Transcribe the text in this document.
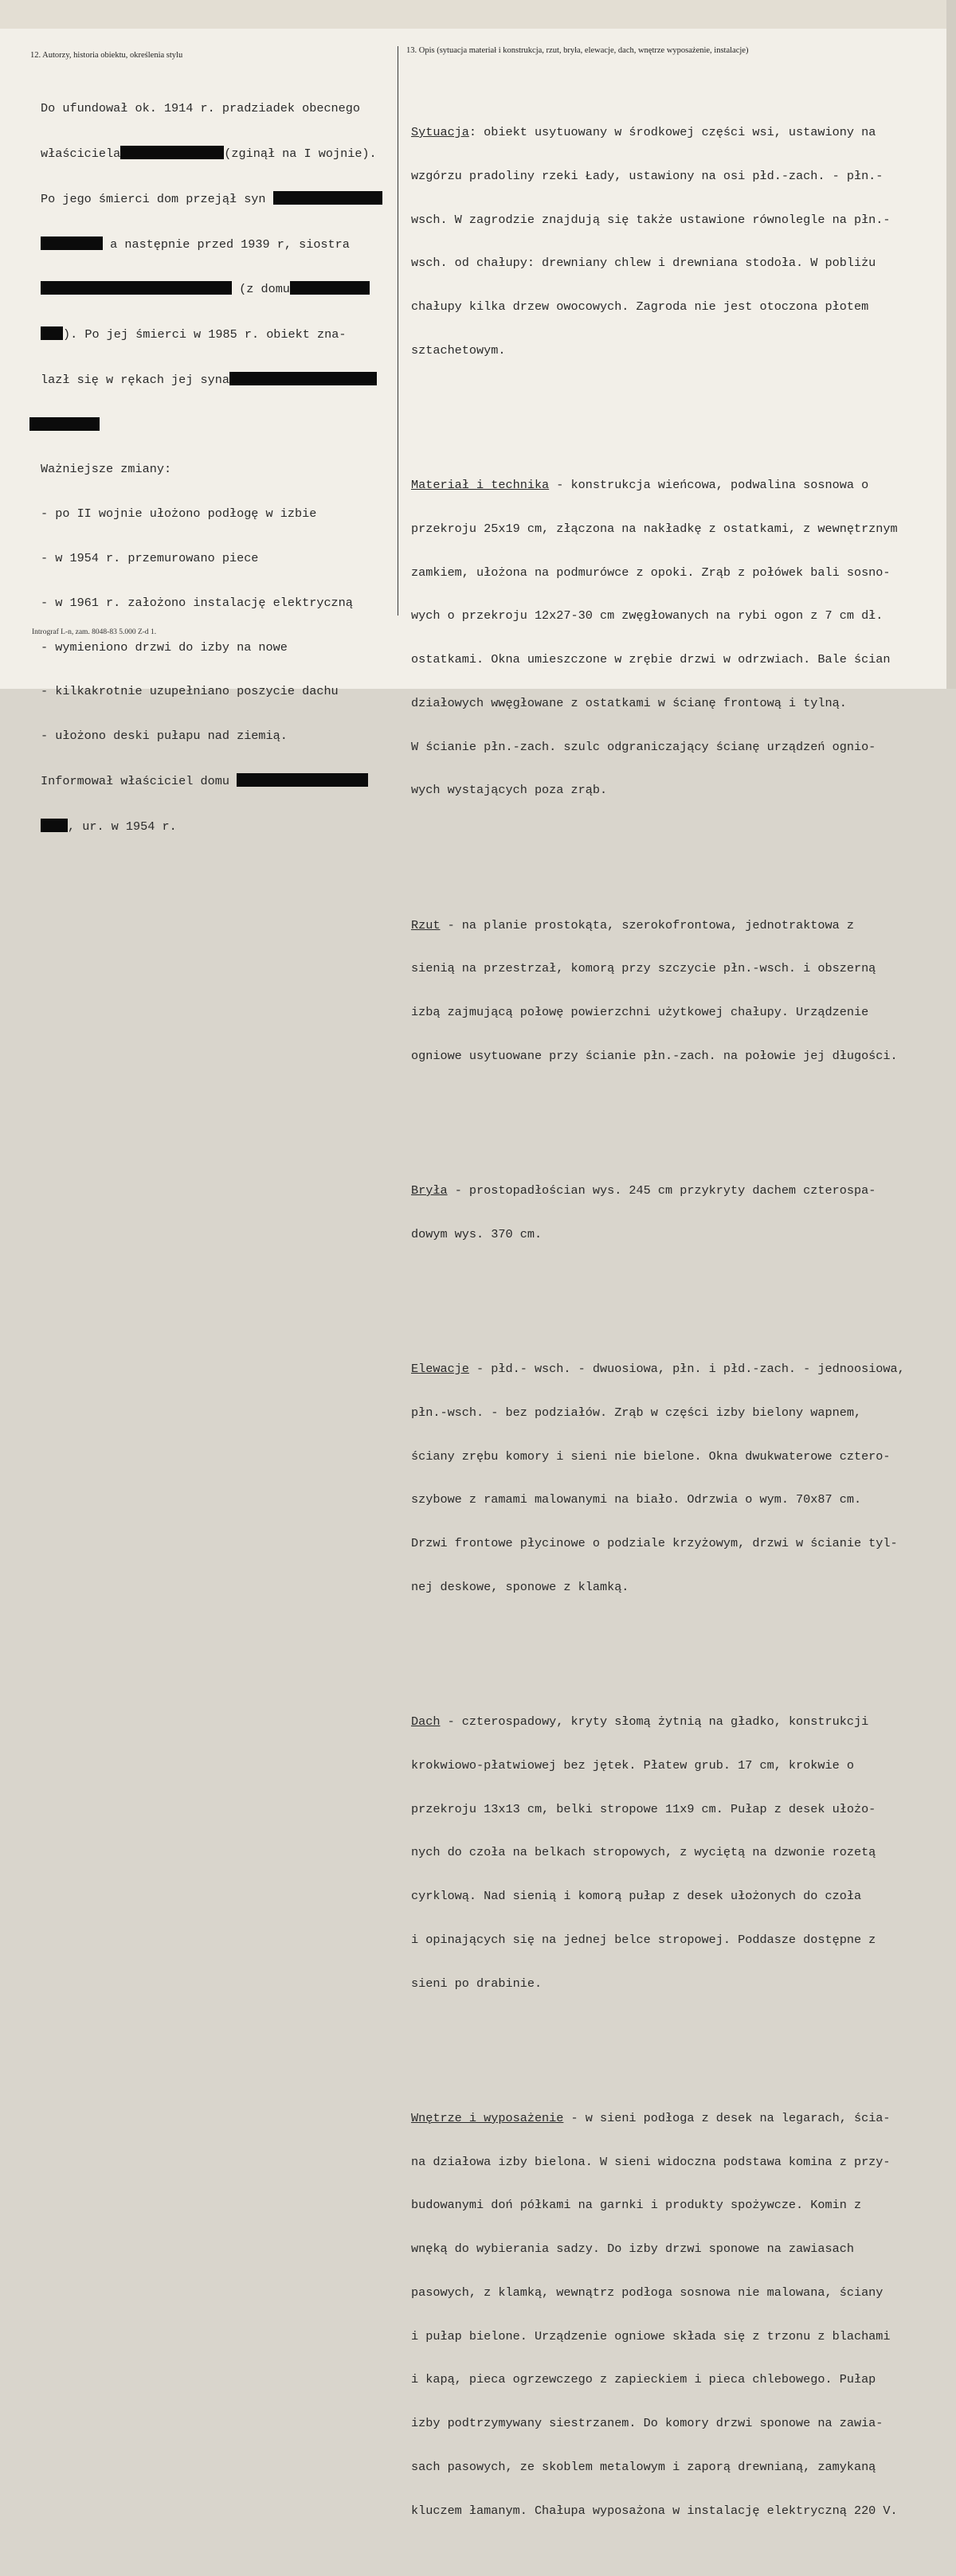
12. Autorzy, historia obiektu, określenia stylu
13. Opis (sytuacja materiał i konstrukcja, rzut, bryła, elewacje, dach, wnętrze wyposażenie, instalacje)

Do ufundował ok. 1914 r. pradziadek obecnego

właściciela	(zginął na I wojnie).

Po jego śmierci dom przejął syn

a następnie przed 1939 r, siostra

(z domu

). Po jej śmierci w 1985 r. obiekt zna-

lazł się w rękach jej syna

Ważniejsze zmiany:

- po II wojnie ułożono podłogę w izbie

- w 1954 r. przemurowano piece

- w 1961 r. założono instalację elektryczną

- wymieniono drzwi do izby na nowe

- kilkakrotnie uzupełniano poszycie dachu

- ułożono deski pułapu nad ziemią.

Informował właściciel domu

, ur. w 1954 r.

Sytuacja: obiekt usytuowany w środkowej części wsi, ustawiony na

wzgórzu pradoliny rzeki Łady, ustawiony na osi płd.-zach. - płn.-

wsch. W zagrodzie znajdują się także ustawione równolegle na płn.-

wsch. od chałupy: drewniany chlew i drewniana stodoła. W pobliżu

chałupy kilka drzew owocowych. Zagroda nie jest otoczona płotem

sztachetowym.

Materiał i technika - konstrukcja wieńcowa, podwalina sosnowa o

przekroju 25x19 cm, złączona na nakładkę z ostatkami, z wewnętrznym

zamkiem, ułożona na podmurówce z opoki. Zrąb z połówek bali sosno-

wych o przekroju 12x27-30 cm zwęgłowanych na rybi ogon z 7 cm dł.

ostatkami. Okna umieszczone w zrębie drzwi w odrzwiach. Bale ścian

działowych wwęgłowane z ostatkami w ścianę frontową i tylną.

W ścianie płn.-zach. szulc odgraniczający ścianę urządzeń ognio-

wych wystających poza zrąb.

Rzut - na planie prostokąta, szerokofrontowa, jednotraktowa z

sienią na przestrzał, komorą przy szczycie płn.-wsch. i obszerną

izbą zajmującą połowę powierzchni użytkowej chałupy. Urządzenie

ogniowe usytuowane przy ścianie płn.-zach. na połowie jej długości.

Bryła - prostopadłościan wys. 245 cm przykryty dachem czterospa-

dowym wys. 370 cm.

Elewacje - płd.- wsch. - dwuosiowa, płn. i płd.-zach. - jednoosiowa,

płn.-wsch. - bez podziałów. Zrąb w części izby bielony wapnem,

ściany zrębu komory i sieni nie bielone. Okna dwukwaterowe cztero-

szybowe z ramami malowanymi na biało. Odrzwia o wym. 70x87 cm.

Drzwi frontowe płycinowe o podziale krzyżowym, drzwi w ścianie tyl-

nej deskowe, sponowe z klamką.

Dach - czterospadowy, kryty słomą żytnią na gładko, konstrukcji

krokwiowo-płatwiowej bez jętek. Płatew grub. 17 cm, krokwie o

przekroju 13x13 cm, belki stropowe 11x9 cm. Pułap z desek ułożo-

nych do czoła na belkach stropowych, z wyciętą na dzwonie rozetą

cyrklową. Nad sienią i komorą pułap z desek ułożonych do czoła

i opinających się na jednej belce stropowej. Poddasze dostępne z

sieni po drabinie.

Wnętrze i wyposażenie - w sieni podłoga z desek na legarach, ścia-

na działowa izby bielona. W sieni widoczna podstawa komina z przy-

budowanymi doń półkami na garnki i produkty spożywcze. Komin z

wnęką do wybierania sadzy. Do izby drzwi sponowe na zawiasach

pasowych, z klamką, wewnątrz podłoga sosnowa nie malowana, ściany

i pułap bielone. Urządzenie ogniowe składa się z trzonu z blachami

i kapą, pieca ogrzewczego z zapieckiem i pieca chlebowego. Pułap

izby podtrzymywany siestrzanem. Do komory drzwi sponowe na zawia-

sach pasowych, ze skoblem metalowym i zaporą drewnianą, zamykaną

kluczem łamanym. Chałupa wyposażona w instalację elektryczną 220 V.

Intrograf L-n, zam. 8048-83 5.000 Z-d 1.
